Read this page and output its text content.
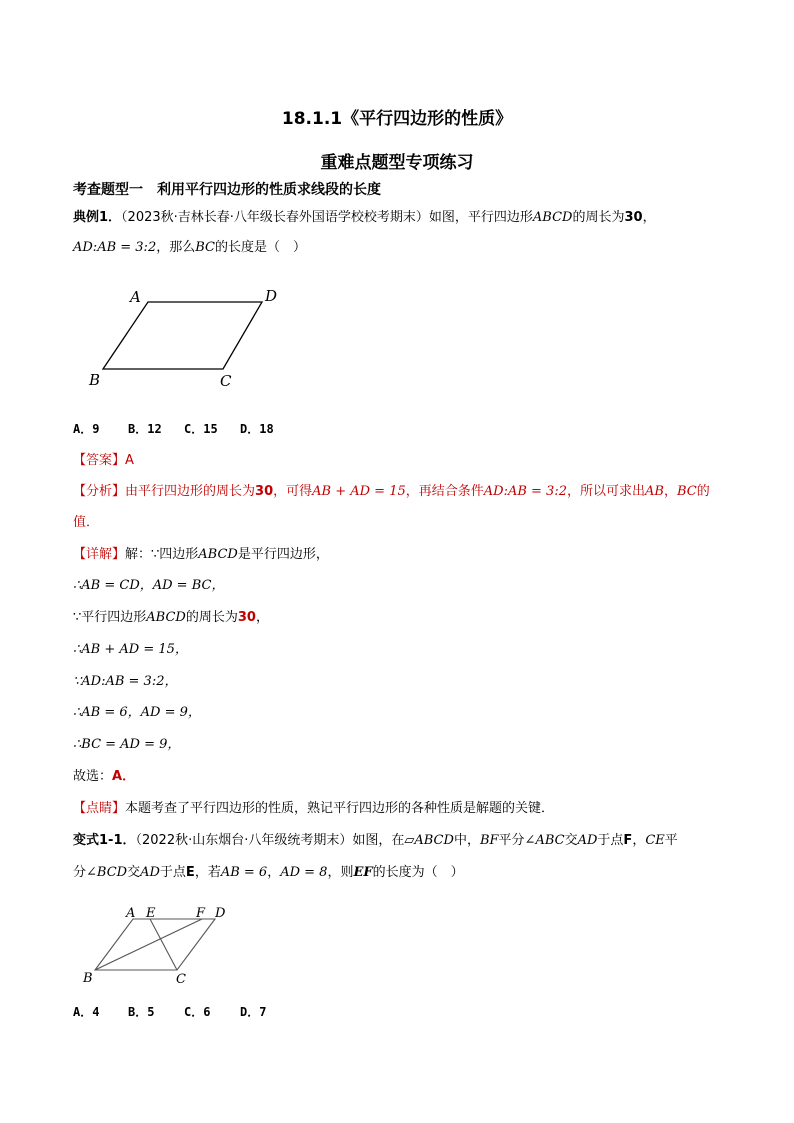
18.1.1《平行四边形的性质》
重难点题型专项练习
考查题型一　利用平行四边形的性质求线段的长度
典例1．（2023秋·吉林长春·八年级长春外国语学校校考期末）如图，平行四边形ABCD的周长为30，
AD:AB = 3:2，那么BC的长度是（　）
A	D
B	C
A．9 B．12 C．15 D．18
【答案】A
【分析】由平行四边形的周长为30，可得AB + AD = 15，再结合条件AD:AB = 3:2，所以可求出AB，BC的
值．
【详解】解：∵四边形ABCD是平行四边形，
∴AB = CD，AD = BC，
∵平行四边形ABCD的周长为30，
∴AB + AD = 15，
∵AD:AB = 3:2，
∴AB = 6，AD = 9，
∴BC = AD = 9，
故选：A．
【点睛】本题考查了平行四边形的性质，熟记平行四边形的各种性质是解题的关键．
变式1-1．（2022秋·山东烟台·八年级统考期末）如图，在▱ABCD中，BF平分∠ABC交AD于点F，CE平
分∠BCD交AD于点E，若AB = 6，AD = 8，则EF的长度为（　）
A E	F D
B	C
A．4 B．5 C．6 D．7
